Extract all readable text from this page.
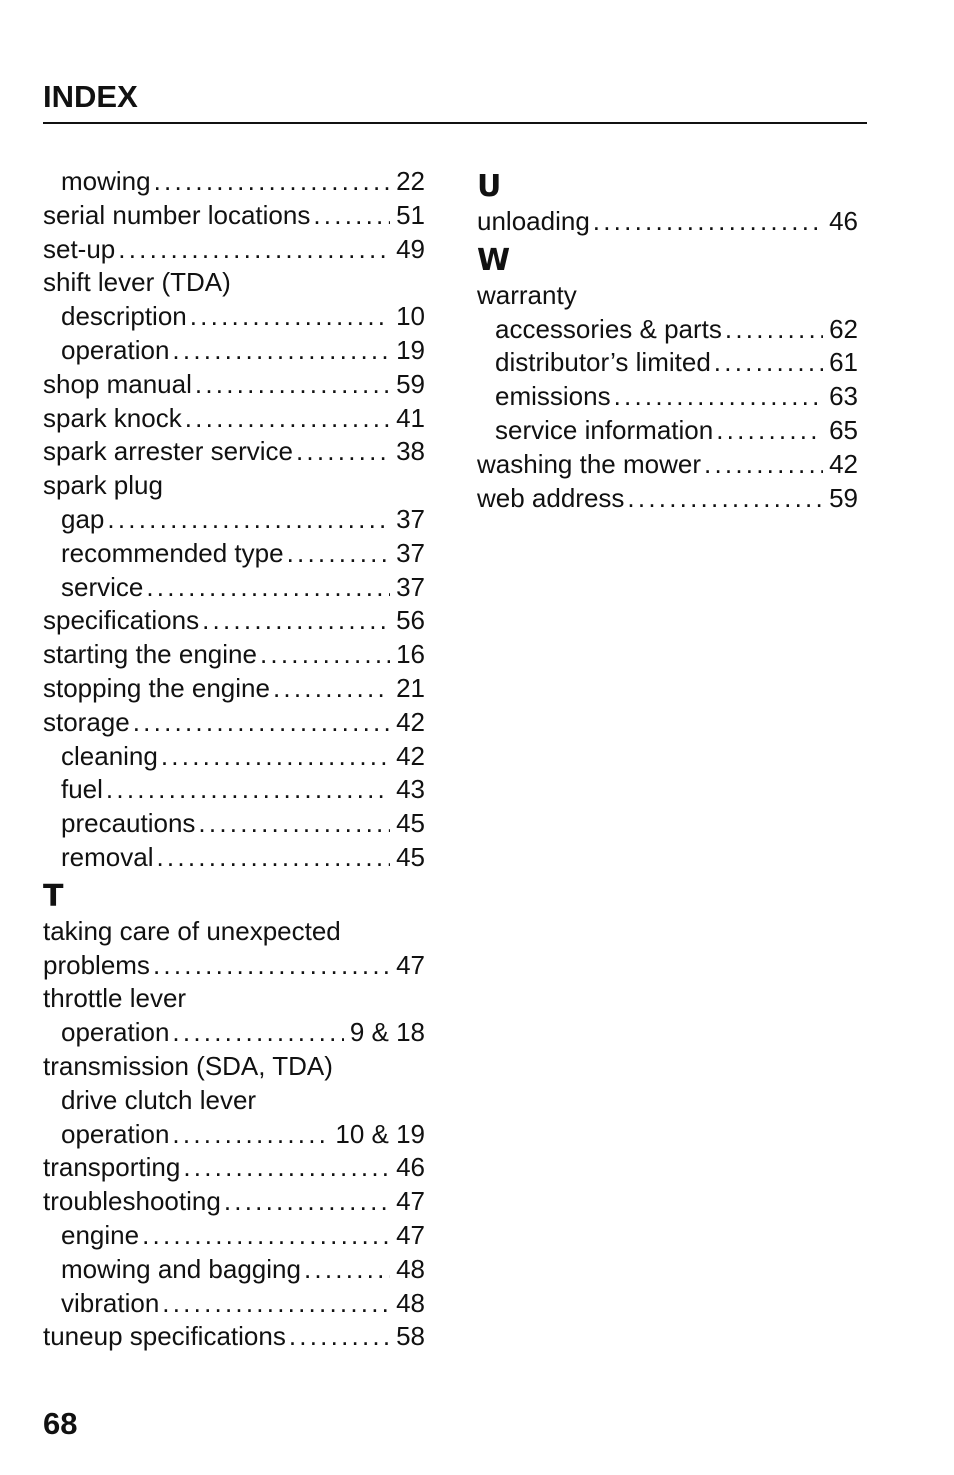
INDEX
mowing . . .	22
serial number locations . . .	51
set-up . . .	49
shift lever (TDA)
description . . .	10
operation . . .	19
shop manual . . .	59
spark knock . . .	41
spark arrester service . . .	38
spark plug
gap . . .	37
recommended type . . .	37
service . . .	37
specifications . . .	56
starting the engine . . .	16
stopping the engine . . .	21
storage . . .	42
cleaning . . .	42
fuel . . .	43
precautions . . .	45
removal . . .	45
T
taking care of unexpected
problems . . .	47
throttle lever
operation . . .	9 & 18
transmission (SDA, TDA)
drive clutch lever
operation . . .	10 & 19
transporting . . .	46
troubleshooting . . .	47
engine . . .	47
mowing and bagging . . .	48
vibration . . .	48
tuneup specifications . . .	58
U
unloading . . .	46
W
warranty
accessories & parts . . .	62
distributor’s limited . . .	61
emissions . . .	63
service information . . .	65
washing the mower . . .	42
web address . . .	59
68
